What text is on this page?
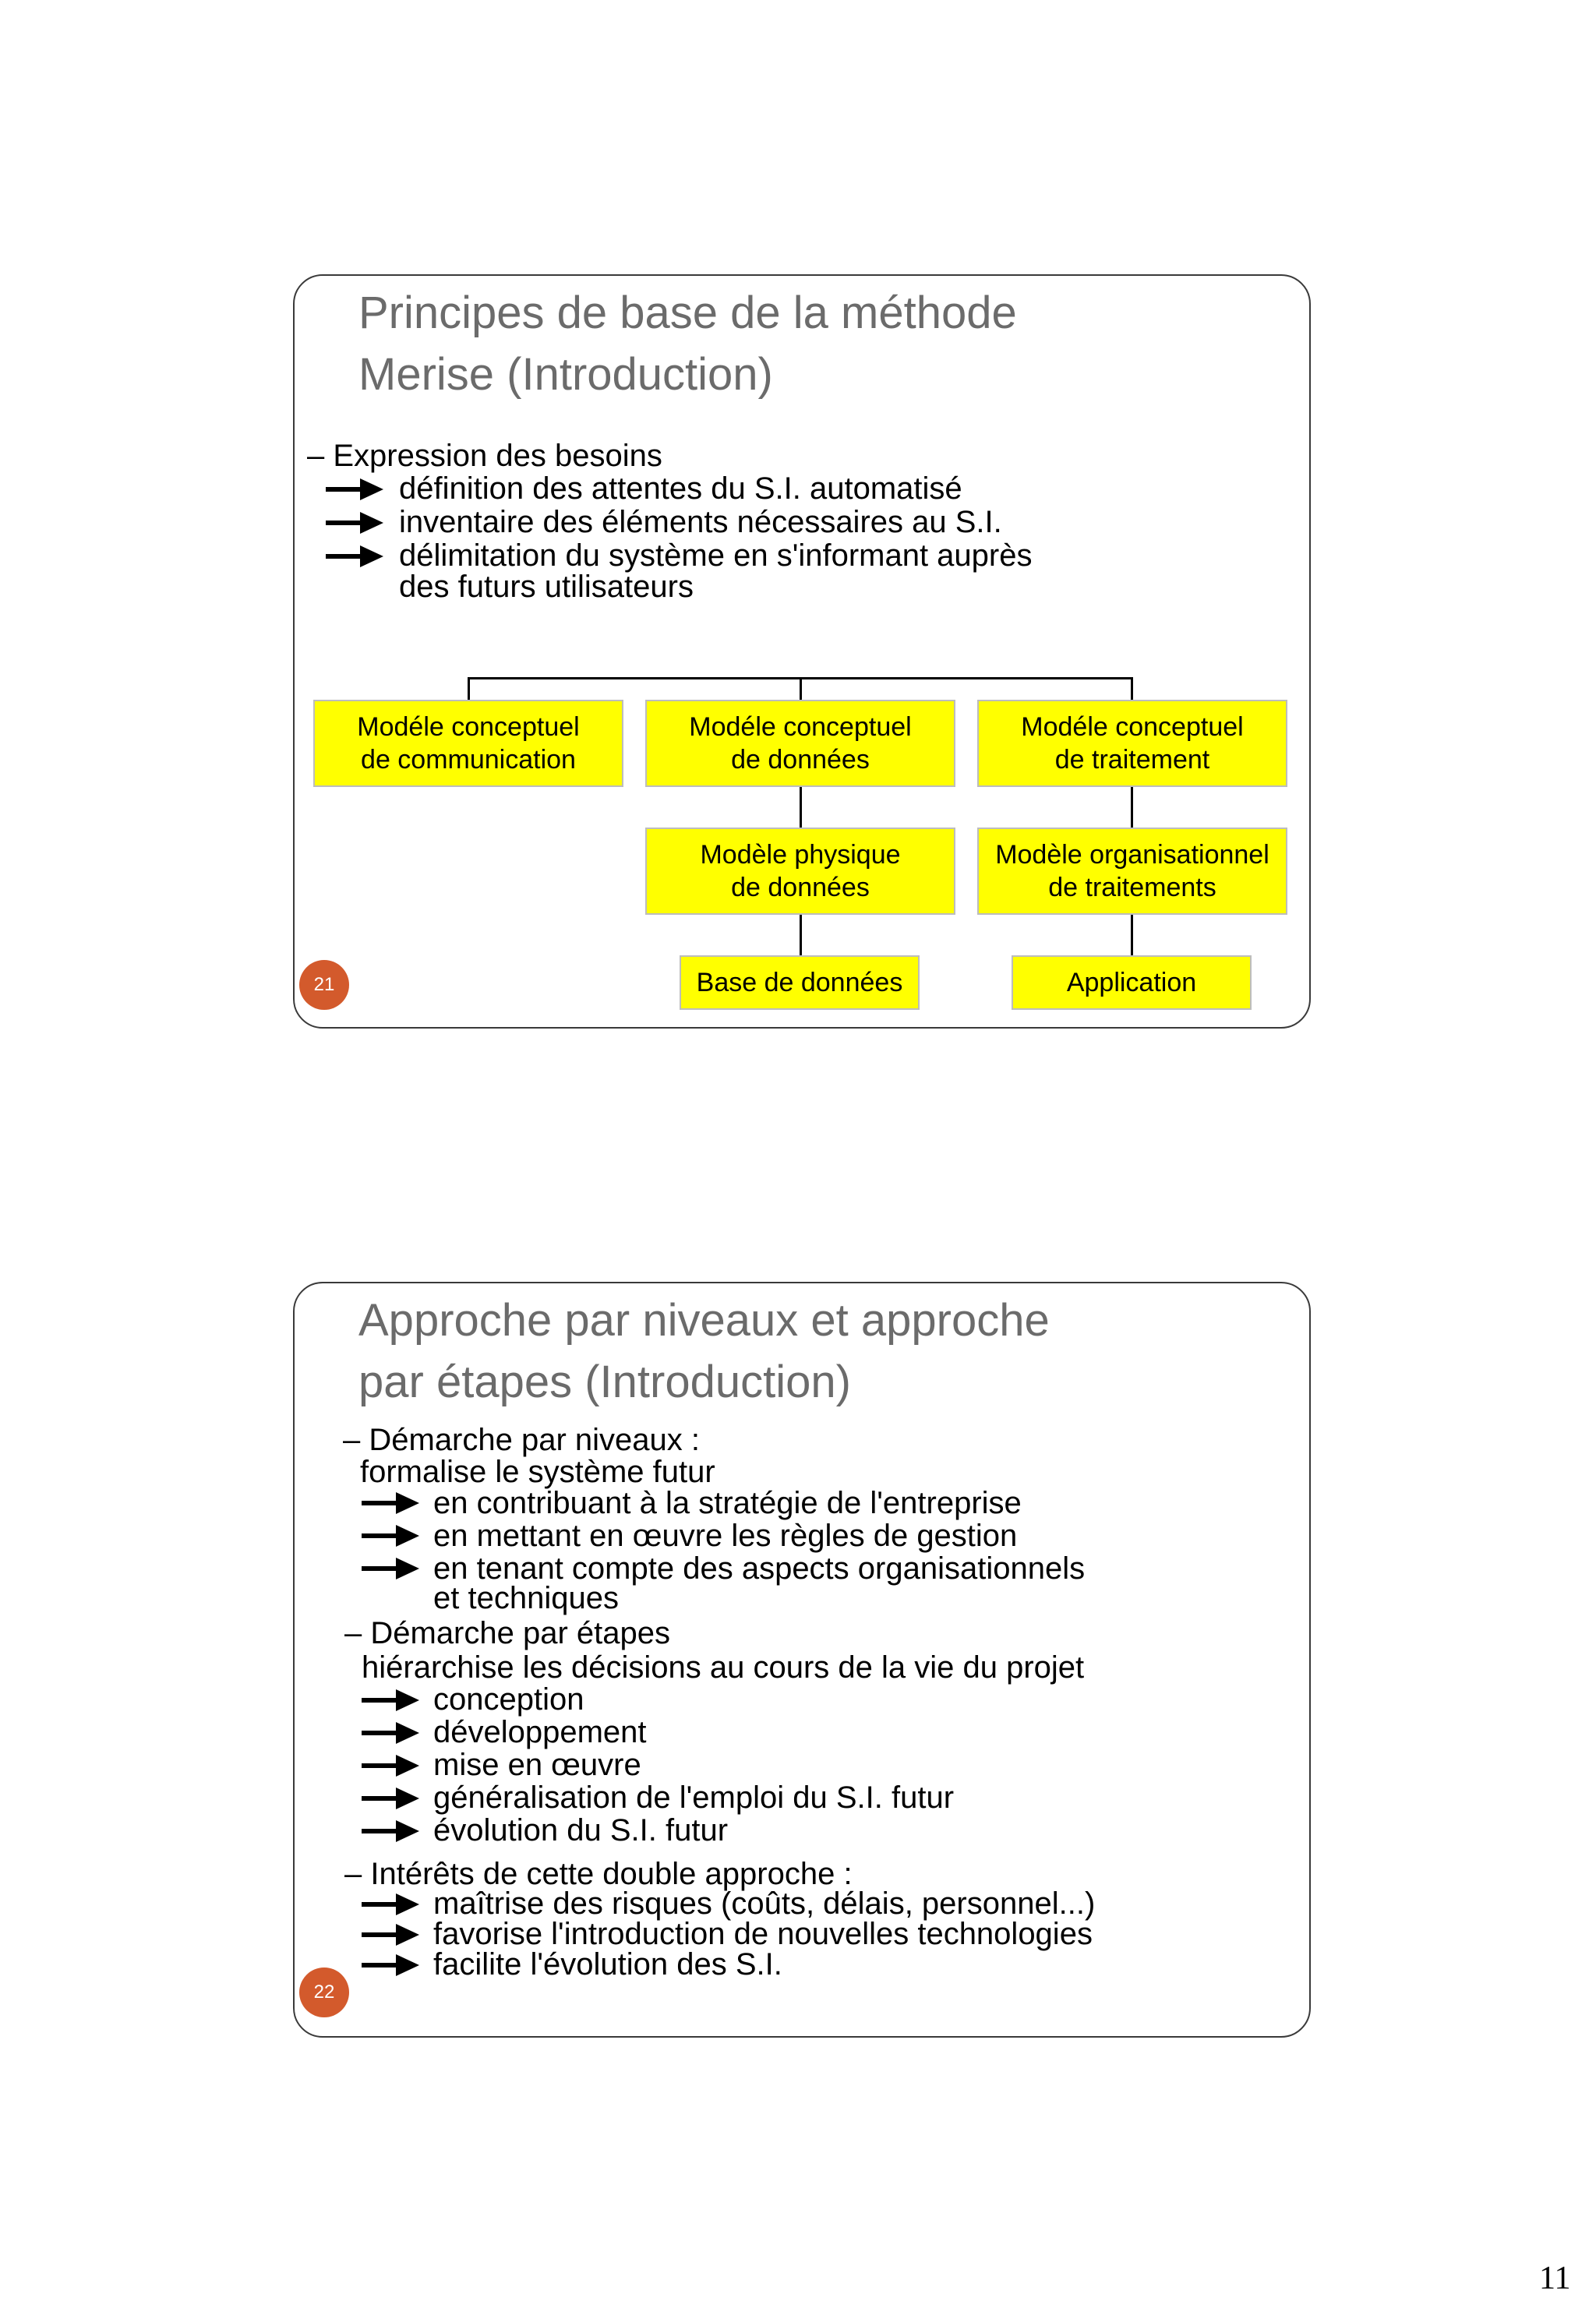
Principes de base de la méthode
Merise (Introduction)
– Expression des besoins
définition des attentes du S.I. automatisé
inventaire des éléments nécessaires au S.I.
délimitation du système en s'informant auprès
des futurs utilisateurs
Modéle conceptuel
de communication
Modéle conceptuel
de données
Modéle conceptuel
de traitement
Modèle physique
de données
Modèle organisationnel
de traitements
Base de données	Application
21
Approche par niveaux et approche
par étapes (Introduction)
– Démarche par niveaux :
formalise le système futur
en contribuant à la stratégie de l'entreprise
en mettant en œuvre les règles de gestion
en tenant compte des aspects organisationnels
et techniques
– Démarche par étapes
hiérarchise les décisions au cours de la vie du projet
conception
développement
mise en œuvre
généralisation de l'emploi du S.I. futur
évolution du S.I. futur
– Intérêts de cette double approche :
maîtrise des risques (coûts, délais, personnel...)
favorise l'introduction de nouvelles technologies
facilite l'évolution des S.I.
22
11
